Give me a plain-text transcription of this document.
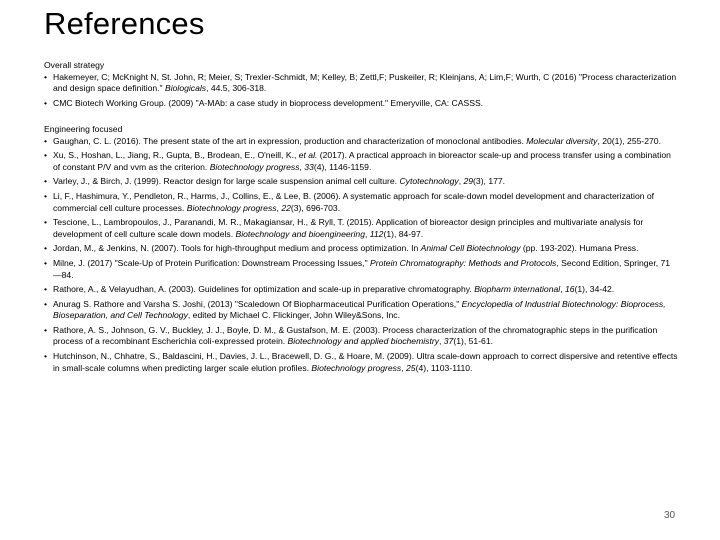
References
Overall strategy
• Hakemeyer, C; McKnight N, St. John, R; Meier, S; Trexler-Schmidt, M; Kelley, B; Zettl,F; Puskeiler, R; Kleinjans, A; Lim,F; Wurth, C (2016) "Process characterization and design space definition." Biologicals, 44.5, 306-318.
• CMC Biotech Working Group. (2009) "A-MAb: a case study in bioprocess development." Emeryville, CA: CASSS.
Engineering focused
• Gaughan, C. L. (2016). The present state of the art in expression, production and characterization of monoclonal antibodies. Molecular diversity, 20(1), 255-270.
• Xu, S., Hoshan, L., Jiang, R., Gupta, B., Brodean, E., O'neill, K., et al. (2017). A practical approach in bioreactor scale-up and process transfer using a combination of constant P/V and vvm as the criterion. Biotechnology progress, 33(4), 1146-1159.
• Varley, J., & Birch, J. (1999). Reactor design for large scale suspension animal cell culture. Cytotechnology, 29(3), 177.
• Li, F., Hashimura, Y., Pendleton, R., Harms, J., Collins, E., & Lee, B. (2006). A systematic approach for scale-down model development and characterization of commercial cell culture processes. Biotechnology progress, 22(3), 696-703.
• Tescione, L., Lambropoulos, J., Paranandi, M. R., Makagiansar, H., & Ryll, T. (2015). Application of bioreactor design principles and multivariate analysis for development of cell culture scale down models. Biotechnology and bioengineering, 112(1), 84-97.
• Jordan, M., & Jenkins, N. (2007). Tools for high-throughput medium and process optimization. In Animal Cell Biotechnology (pp. 193-202). Humana Press.
• Milne, J. (2017) "Scale-Up of Protein Purification: Downstream Processing Issues," Protein Chromatography: Methods and Protocols, Second Edition, Springer, 71—84.
• Rathore, A., & Velayudhan, A. (2003). Guidelines for optimization and scale-up in preparative chromatography. Biopharm international, 16(1), 34-42.
• Anurag S. Rathore and Varsha S. Joshi, (2013) "Scaledown Of Biopharmaceutical Purification Operations," Encyclopedia of Industrial Biotechnology: Bioprocess, Bioseparation, and Cell Technology, edited by Michael C. Flickinger, John Wiley&Sons, Inc.
• Rathore, A. S., Johnson, G. V., Buckley, J. J., Boyle, D. M., & Gustafson, M. E. (2003). Process characterization of the chromatographic steps in the purification process of a recombinant Escherichia coli-expressed protein. Biotechnology and applied biochemistry, 37(1), 51-61.
• Hutchinson, N., Chhatre, S., Baldascini, H., Davies, J. L., Bracewell, D. G., & Hoare, M. (2009). Ultra scale-down approach to correct dispersive and retentive effects in small-scale columns when predicting larger scale elution profiles. Biotechnology progress, 25(4), 1103-1110.
30
